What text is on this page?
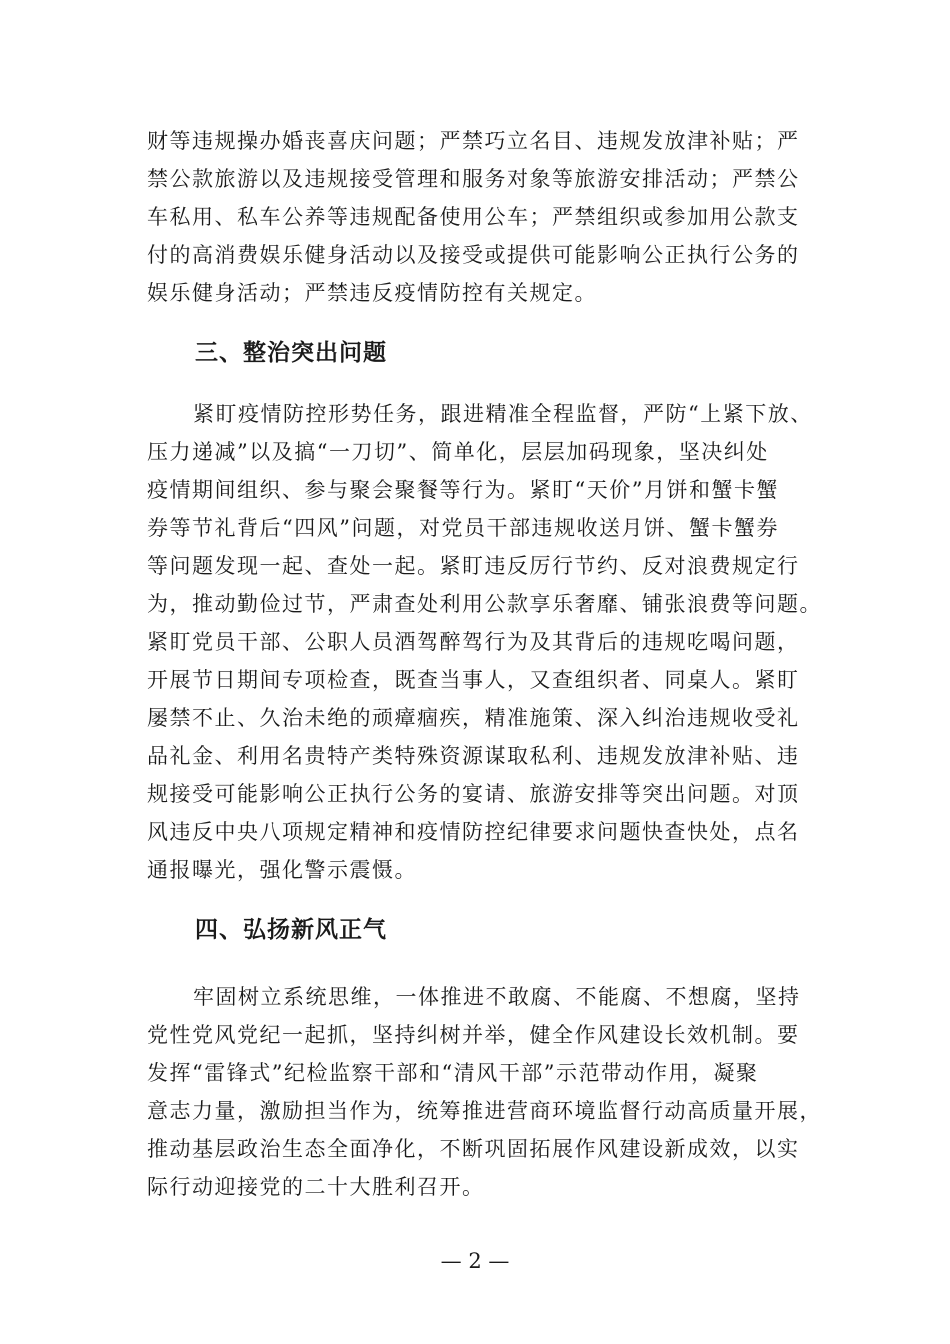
财等违规操办婚丧喜庆问题；严禁巧立名目、违规发放津补贴；严
禁公款旅游以及违规接受管理和服务对象等旅游安排活动；严禁公
车私用、私车公养等违规配备使用公车；严禁组织或参加用公款支
付的高消费娱乐健身活动以及接受或提供可能影响公正执行公务的
娱乐健身活动；严禁违反疫情防控有关规定。
三、整治突出问题
紧盯疫情防控形势任务，跟进精准全程监督，严防“上紧下放、
压力递减”以及搞“一刀切”、简单化，层层加码现象，坚决纠处
疫情期间组织、参与聚会聚餐等行为。紧盯“天价”月饼和蟹卡蟹
券等节礼背后“四风”问题，对党员干部违规收送月饼、蟹卡蟹券
等问题发现一起、查处一起。紧盯违反厉行节约、反对浪费规定行
为，推动勤俭过节，严肃查处利用公款享乐奢靡、铺张浪费等问题。
紧盯党员干部、公职人员酒驾醉驾行为及其背后的违规吃喝问题，
开展节日期间专项检查，既查当事人，又查组织者、同桌人。紧盯
屡禁不止、久治未绝的顽瘴痼疾，精准施策、深入纠治违规收受礼
品礼金、利用名贵特产类特殊资源谋取私利、违规发放津补贴、违
规接受可能影响公正执行公务的宴请、旅游安排等突出问题。对顶
风违反中央八项规定精神和疫情防控纪律要求问题快查快处，点名
通报曝光，强化警示震慑。
四、弘扬新风正气
牢固树立系统思维，一体推进不敢腐、不能腐、不想腐，坚持
党性党风党纪一起抓，坚持纠树并举，健全作风建设长效机制。要
发挥“雷锋式”纪检监察干部和“清风干部”示范带动作用，凝聚
意志力量，激励担当作为，统筹推进营商环境监督行动高质量开展，
推动基层政治生态全面净化，不断巩固拓展作风建设新成效，以实
际行动迎接党的二十大胜利召开。
— 2 —
